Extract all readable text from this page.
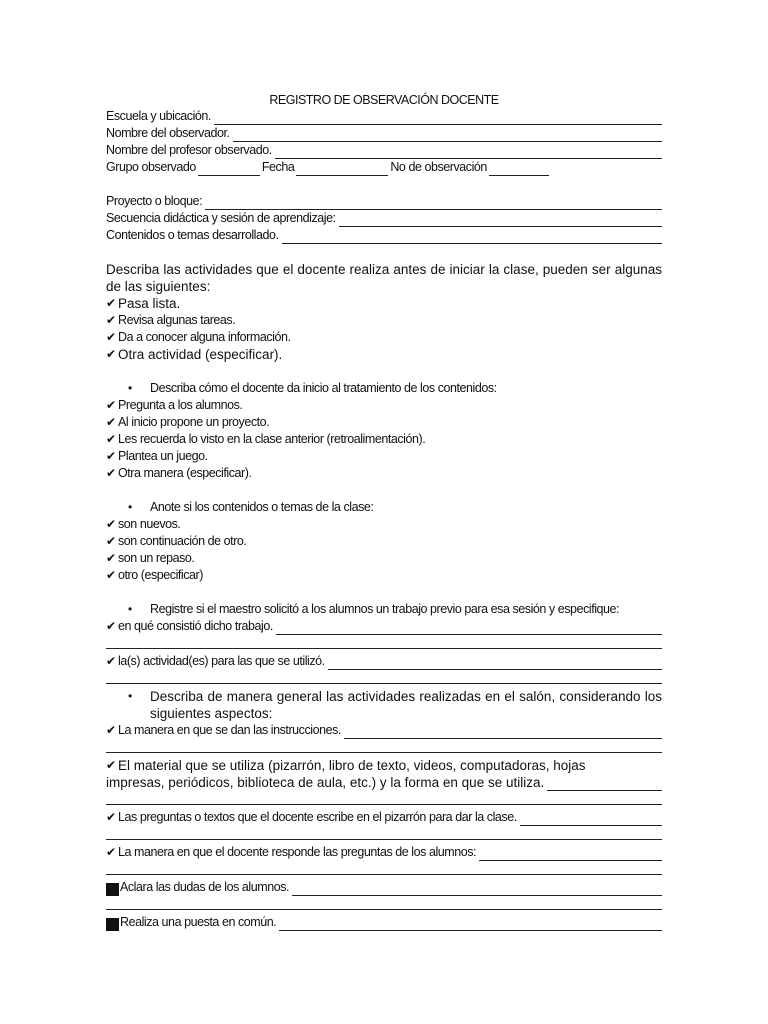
REGISTRO DE OBSERVACIÓN DOCENTE
Escuela y ubicación.
Nombre del observador.
Nombre del profesor observado.
Grupo observado	Fecha	No de observación
Proyecto o bloque:
Secuencia didáctica y sesión de aprendizaje:
Contenidos o temas desarrollado.
Describa las actividades que el docente realiza antes de iniciar la clase, pueden ser algunas de las siguientes:
✔ Pasa lista.
✔ Revisa algunas tareas.
✔ Da a conocer alguna información.
✔ Otra actividad (especificar).
•	Describa cómo el docente da inicio al tratamiento de los contenidos:
✔ Pregunta a los alumnos.
✔ Al inicio propone un proyecto.
✔ Les recuerda lo visto en la clase anterior (retroalimentación).
✔ Plantea un juego.
✔ Otra manera (especificar).
•	Anote si los contenidos o temas de la clase:
✔ son nuevos.
✔ son continuación de otro.
✔ son un repaso.
✔ otro (especificar)
•	Registre si el maestro solicitó a los alumnos un trabajo previo para esa sesión y especifique:
✔ en qué consistió dicho trabajo.
✔ la(s) actividad(es) para las que se utilizó.
•	Describa de manera general las actividades realizadas en el salón, considerando los siguientes aspectos:
✔ La manera en que se dan las instrucciones.
✔ El material que se utiliza (pizarrón, libro de texto, videos, computadoras, hojas
impresas, periódicos, biblioteca de aula, etc.) y la forma en que se utiliza.
✔ Las preguntas o textos que el docente escribe en el pizarrón para dar la clase.
✔ La manera en que el docente responde las preguntas de los alumnos:
Aclara las dudas de los alumnos.
Realiza una puesta en común.
